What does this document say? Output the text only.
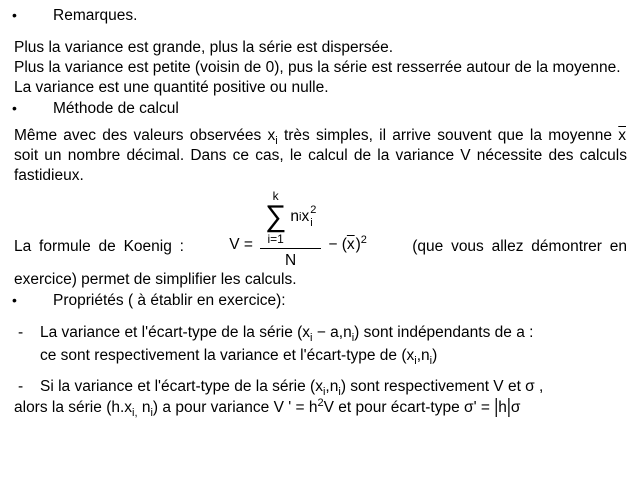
•	Remarques.

Plus la variance est grande, plus la série est dispersée.

Plus la variance est petite (voisin de 0), pus la série est resserrée autour de la moyenne.

La variance est une quantité positive ou nulle.

•	Méthode de calcul

Même avec des valeurs observées $x_i$ très simples, il arrive souvent que la moyenne $\overline{x}$ soit un nombre décimal. Dans ce cas, le calcul de la variance V nécessite des calculs fastidieux.

La formule de Koenig :	V =
k
∑
i=1
n i x 2
i
N
− $(\overline{x})^2$	(que vous allez démontrer en

exercice) permet de simplifier les calculs.

•	Propriétés ( à établir en exercice):
-	La variance et l'écart-type de la série $(x_i - a,n_i)$ sont indépendants de a :
ce sont respectivement la variance et l'écart-type de $(x_i,n_i)$
-	Si la variance et l'écart-type de la série $(x_i,n_i)$ sont respectivement V et σ ,

alors la série ($h.x_{i,}$ $n_i$) a pour variance V ' = $h^2V$ et pour écart-type σ' = |h|σ
